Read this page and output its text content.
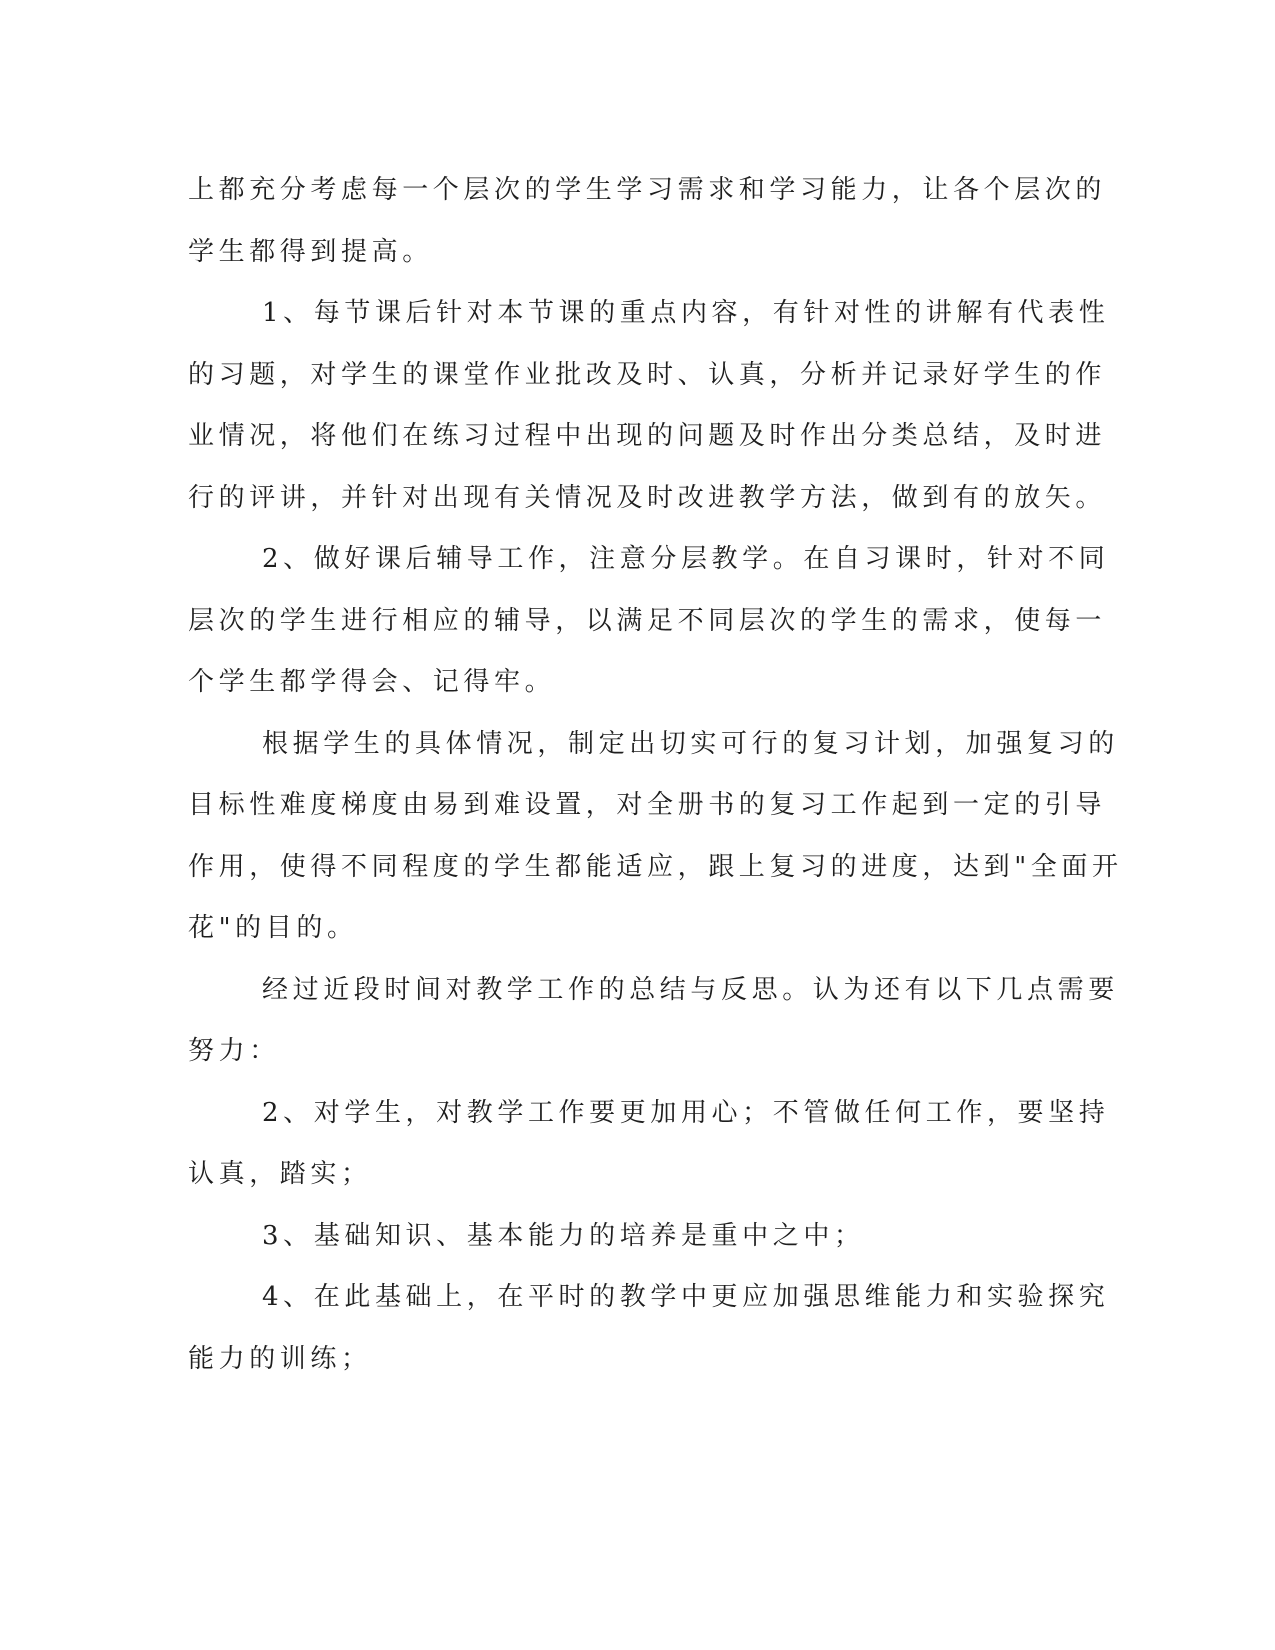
上都充分考虑每一个层次的学生学习需求和学习能力，让各个层次的
学生都得到提高。
1、每节课后针对本节课的重点内容，有针对性的讲解有代表性
的习题，对学生的课堂作业批改及时、认真，分析并记录好学生的作
业情况，将他们在练习过程中出现的问题及时作出分类总结，及时进
行的评讲，并针对出现有关情况及时改进教学方法，做到有的放矢。
2、做好课后辅导工作，注意分层教学。在自习课时，针对不同
层次的学生进行相应的辅导，以满足不同层次的学生的需求，使每一
个学生都学得会、记得牢。
根据学生的具体情况，制定出切实可行的复习计划，加强复习的
目标性难度梯度由易到难设置，对全册书的复习工作起到一定的引导
作用，使得不同程度的学生都能适应，跟上复习的进度，达到"全面开
花"的目的。
经过近段时间对教学工作的总结与反思。认为还有以下几点需要
努力：
2、对学生，对教学工作要更加用心；不管做任何工作，要坚持
认真，踏实；
3、基础知识、基本能力的培养是重中之中；
4、在此基础上，在平时的教学中更应加强思维能力和实验探究
能力的训练；
